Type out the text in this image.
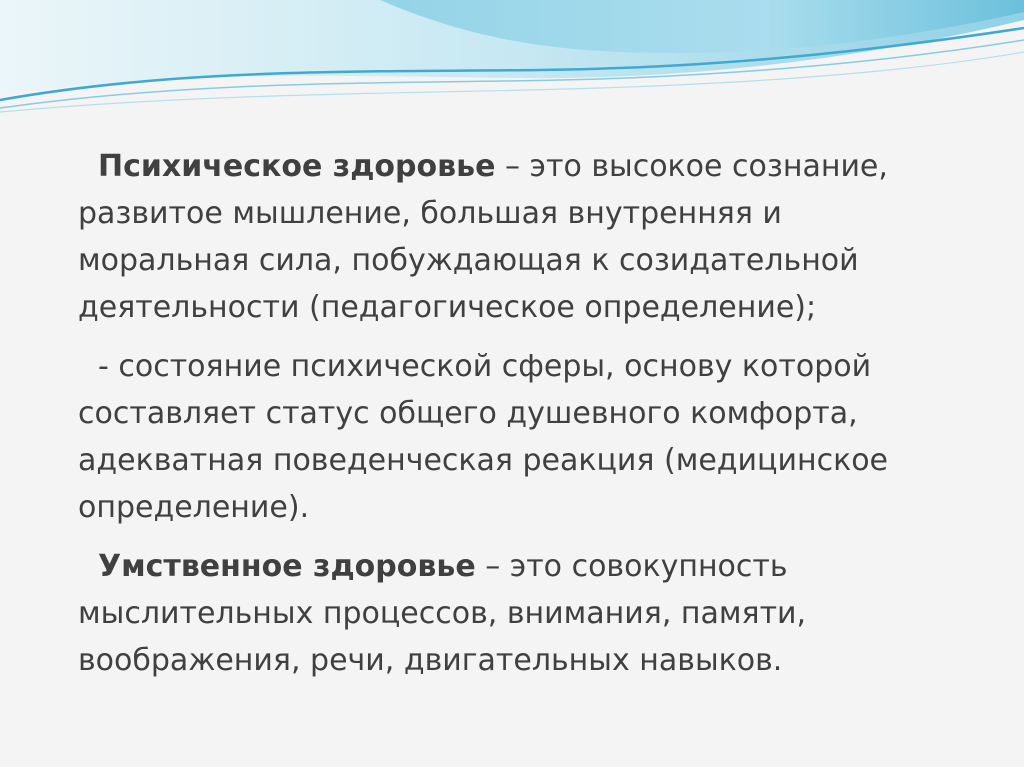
Психическое здоровье – это высокое сознание, развитое мышление, большая внутренняя и моральная сила, побуждающая к созидательной деятельности (педагогическое определение);

- состояние психической сферы, основу которой составляет статус общего душевного комфорта, адекватная поведенческая реакция (медицинское определение).

Умственное здоровье – это совокупность мыслительных процессов, внимания, памяти, воображения, речи, двигательных навыков.
